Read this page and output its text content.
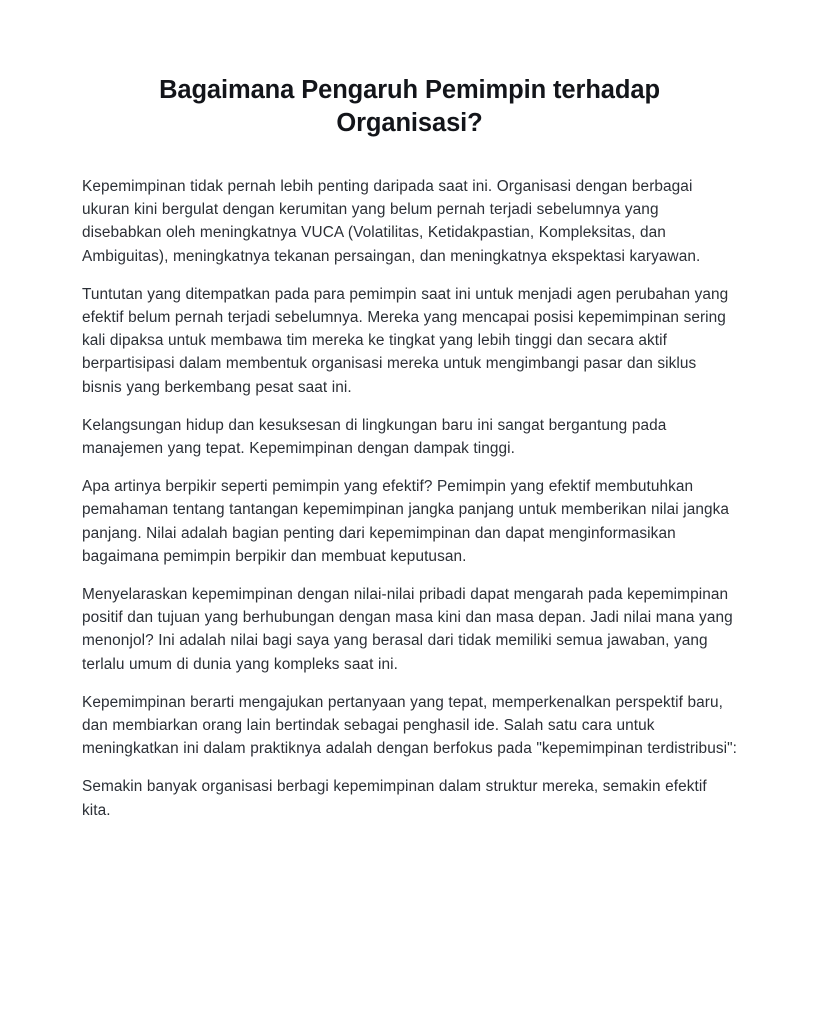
Bagaimana Pengaruh Pemimpin terhadap Organisasi?

Kepemimpinan tidak pernah lebih penting daripada saat ini. Organisasi dengan berbagai ukuran kini bergulat dengan kerumitan yang belum pernah terjadi sebelumnya yang disebabkan oleh meningkatnya VUCA (Volatilitas, Ketidakpastian, Kompleksitas, dan Ambiguitas), meningkatnya tekanan persaingan, dan meningkatnya ekspektasi karyawan.

Tuntutan yang ditempatkan pada para pemimpin saat ini untuk menjadi agen perubahan yang efektif belum pernah terjadi sebelumnya. Mereka yang mencapai posisi kepemimpinan sering kali dipaksa untuk membawa tim mereka ke tingkat yang lebih tinggi dan secara aktif berpartisipasi dalam membentuk organisasi mereka untuk mengimbangi pasar dan siklus bisnis yang berkembang pesat saat ini.

Kelangsungan hidup dan kesuksesan di lingkungan baru ini sangat bergantung pada manajemen yang tepat. Kepemimpinan dengan dampak tinggi.

Apa artinya berpikir seperti pemimpin yang efektif? Pemimpin yang efektif membutuhkan pemahaman tentang tantangan kepemimpinan jangka panjang untuk memberikan nilai jangka panjang. Nilai adalah bagian penting dari kepemimpinan dan dapat menginformasikan bagaimana pemimpin berpikir dan membuat keputusan.

Menyelaraskan kepemimpinan dengan nilai-nilai pribadi dapat mengarah pada kepemimpinan positif dan tujuan yang berhubungan dengan masa kini dan masa depan. Jadi nilai mana yang menonjol? Ini adalah nilai bagi saya yang berasal dari tidak memiliki semua jawaban, yang terlalu umum di dunia yang kompleks saat ini.

Kepemimpinan berarti mengajukan pertanyaan yang tepat, memperkenalkan perspektif baru, dan membiarkan orang lain bertindak sebagai penghasil ide. Salah satu cara untuk meningkatkan ini dalam praktiknya adalah dengan berfokus pada "kepemimpinan terdistribusi":

Semakin banyak organisasi berbagi kepemimpinan dalam struktur mereka, semakin efektif kita.
